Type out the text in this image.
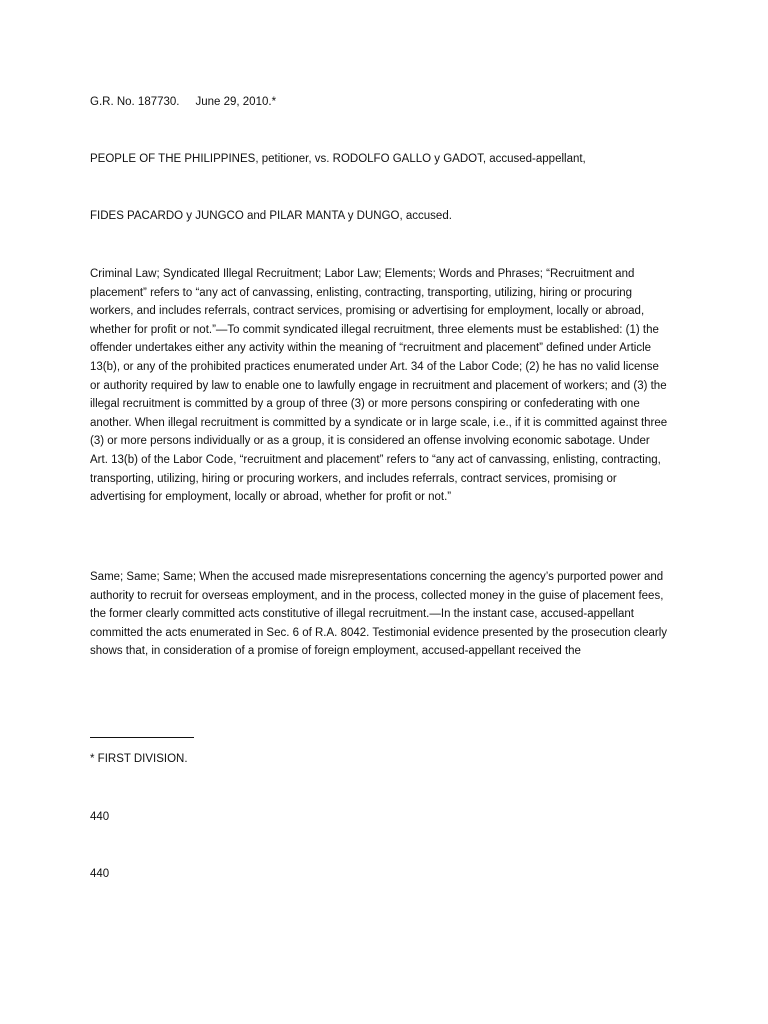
G.R. No. 187730.     June 29, 2010.*

PEOPLE OF THE PHILIPPINES, petitioner, vs. RODOLFO GALLO y GADOT, accused-appellant,

FIDES PACARDO y JUNGCO and PILAR MANTA y DUNGO, accused.

Criminal Law; Syndicated Illegal Recruitment; Labor Law; Elements; Words and Phrases; “Recruitment and placement” refers to “any act of canvassing, enlisting, contracting, transporting, utilizing, hiring or procuring workers, and includes referrals, contract services, promising or advertising for employment, locally or abroad, whether for profit or not.”—To commit syndicated illegal recruitment, three elements must be established: (1) the offender undertakes either any activity within the meaning of “recruitment and placement” defined under Article 13(b), or any of the prohibited practices enumerated under Art. 34 of the Labor Code; (2) he has no valid license or authority required by law to enable one to lawfully engage in recruitment and placement of workers; and (3) the illegal recruitment is committed by a group of three (3) or more persons conspiring or confederating with one another. When illegal recruitment is committed by a syndicate or in large scale, i.e., if it is committed against three (3) or more persons individually or as a group, it is considered an offense involving economic sabotage. Under Art. 13(b) of the Labor Code, “recruitment and placement” refers to “any act of canvassing, enlisting, contracting, transporting, utilizing, hiring or procuring workers, and includes referrals, contract services, promising or advertising for employment, locally or abroad, whether for profit or not.”

Same; Same; Same; When the accused made misrepresentations concerning the agency’s purported power and authority to recruit for overseas employment, and in the process, collected money in the guise of placement fees, the former clearly committed acts constitutive of illegal recruitment.—In the instant case, accused-appellant committed the acts enumerated in Sec. 6 of R.A. 8042. Testimonial evidence presented by the prosecution clearly shows that, in consideration of a promise of foreign employment, accused-appellant received the

* FIRST DIVISION.

440

440
